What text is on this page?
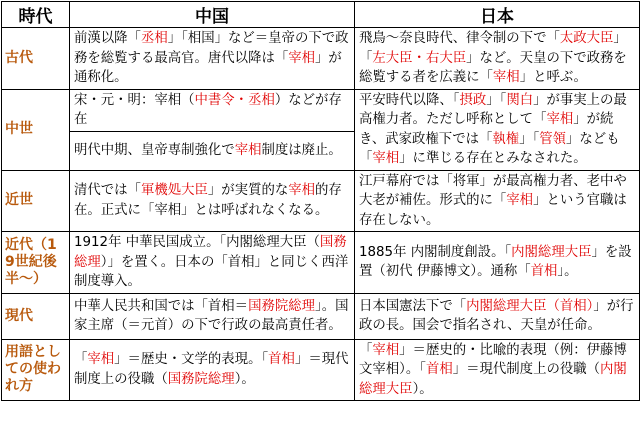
時代	中国	日本
古代	前漢以降「丞相」「相国」など＝皇帝の下で政務を総覧する最高官。唐代以降は「宰相」が通称化。	飛鳥〜奈良時代、律令制の下で「太政大臣」「左大臣・右大臣」など。天皇の下で政務を総覧する者を広義に「宰相」と呼ぶ。
中世	宋・元・明：宰相（中書令・丞相）などが存在	平安時代以降、「摂政」「関白」が事実上の最高権力者。ただし呼称として「宰相」が続き、武家政権下では「執権」「管領」なども「宰相」に準じる存在とみなされた。
	明代中期、皇帝専制強化で宰相制度は廃止。	
近世	清代では「軍機処大臣」が実質的な宰相的存在。正式に「宰相」とは呼ばれなくなる。	江戸幕府では「将軍」が最高権力者、老中や大老が補佐。形式的に「宰相」という官職は存在しない。
近代（19世紀後半〜）	1912年 中華民国成立。「内閣総理大臣（国務総理）」を置く。日本の「首相」と同じく西洋制度導入。	1885年 内閣制度創設。「内閣総理大臣」を設置（初代 伊藤博文）。通称「首相」。
現代	中華人民共和国では「首相＝国務院総理」。国家主席（＝元首）の下で行政の最高責任者。	日本国憲法下で「内閣総理大臣（首相）」が行政の長。国会で指名され、天皇が任命。
用語としての使われ方	「宰相」＝歴史・文学的表現。「首相」＝現代制度上の役職（国務院総理）。	「宰相」＝歴史的・比喩的表現（例：伊藤博文宰相）。「首相」＝現代制度上の役職（内閣総理大臣）。
